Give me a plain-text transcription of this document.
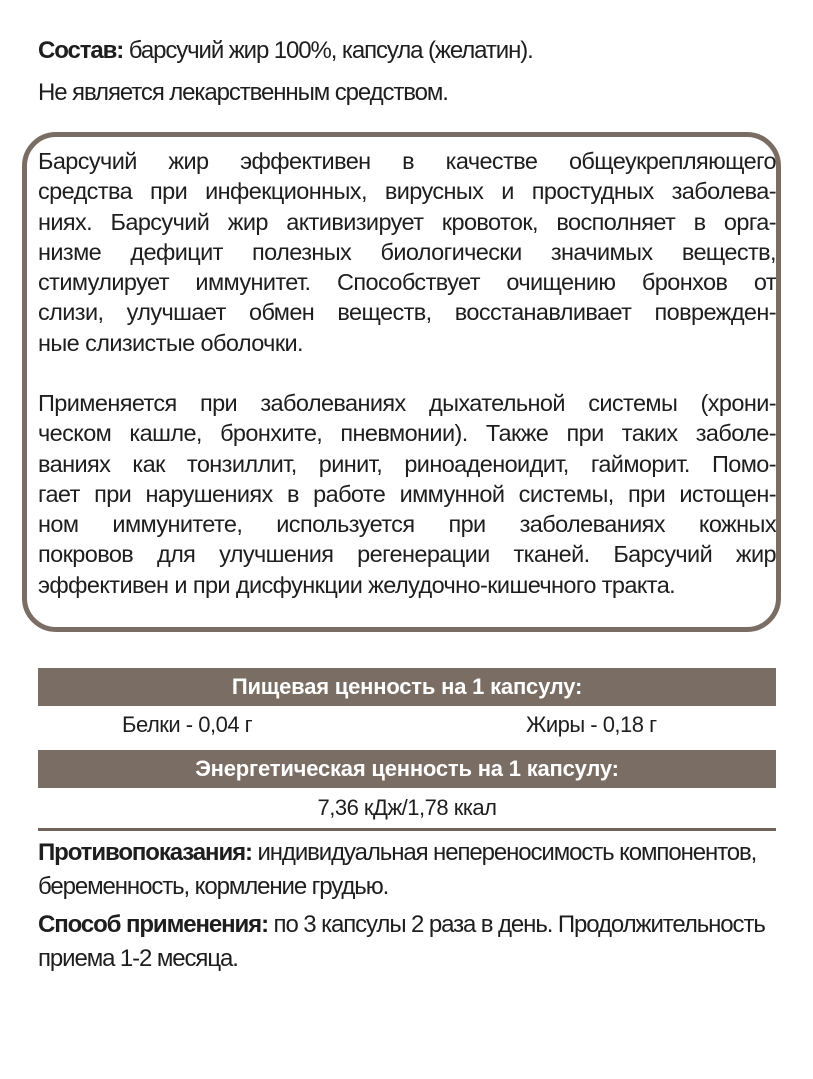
Состав: барсучий жир 100%, капсула (желатин).
Не является лекарственным средством.
Барсучий жир эффективен в качестве общеукрепляющего
средства при инфекционных, вирусных и простудных заболева-
ниях. Барсучий жир активизирует кровоток, восполняет в орга-
низме дефицит полезных биологически значимых веществ,
стимулирует иммунитет. Способствует очищению бронхов от
слизи, улучшает обмен веществ, восстанавливает поврежден-
ные слизистые оболочки.
Применяется при заболеваниях дыхательной системы (хрони-
ческом кашле, бронхите, пневмонии). Также при таких заболе-
ваниях как тонзиллит, ринит, риноаденоидит, гайморит. Помо-
гает при нарушениях в работе иммунной системы, при истощен-
ном иммунитете, используется при заболеваниях кожных
покровов для улучшения регенерации тканей. Барсучий жир
эффективен и при дисфункции желудочно-кишечного тракта.
Пищевая ценность на 1 капсулу:
Белки - 0,04 г	Жиры - 0,18 г
Энергетическая ценность на 1 капсулу:
7,36 кДж/1,78 ккал
Противопоказания: индивидуальная непереносимость компонентов,
беременность, кормление грудью.
Способ применения: по 3 капсулы 2 раза в день. Продолжительность
приема 1-2 месяца.
